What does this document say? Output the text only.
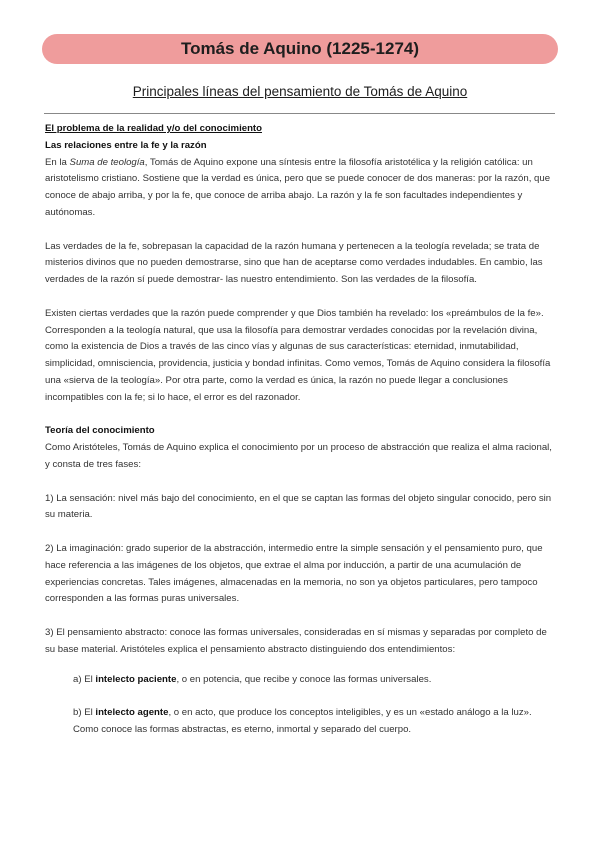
Tomás de Aquino (1225-1274)

Principales líneas del pensamiento de Tomás de Aquino

El problema de la realidad y/o del conocimiento

Las relaciones entre la fe y la razón

En la Suma de teología, Tomás de Aquino expone una síntesis entre la filosofía aristotélica y la religión católica: un aristotelismo cristiano. Sostiene que la verdad es única, pero que se puede conocer de dos maneras: por la razón, que conoce de abajo arriba, y por la fe, que conoce de arriba abajo. La razón y la fe son facultades independientes y autónomas.

Las verdades de la fe, sobrepasan la capacidad de la razón humana y pertenecen a la teología revelada; se trata de misterios divinos que no pueden demostrarse, sino que han de aceptarse como verdades indudables. En cambio, las verdades de la razón sí puede demostrar- las nuestro entendimiento. Son las verdades de la filosofía.

Existen ciertas verdades que la razón puede comprender y que Dios también ha revelado: los «preámbulos de la fe». Corresponden a la teología natural, que usa la filosofía para demostrar verdades conocidas por la revelación divina, como la existencia de Dios a través de las cinco vías y algunas de sus características: eternidad, inmutabilidad, simplicidad, omnisciencia, providencia, justicia y bondad infinitas. Como vemos, Tomás de Aquino considera la filosofía una «sierva de la teología». Por otra parte, como la verdad es única, la razón no puede llegar a conclusiones incompatibles con la fe; si lo hace, el error es del razonador.

Teoría del conocimiento

Como Aristóteles, Tomás de Aquino explica el conocimiento por un proceso de abstracción que realiza el alma racional, y consta de tres fases:

1) La sensación: nivel más bajo del conocimiento, en el que se captan las formas del objeto singular conocido, pero sin su materia.

2) La imaginación: grado superior de la abstracción, intermedio entre la simple sensación y el pensamiento puro, que hace referencia a las imágenes de los objetos, que extrae el alma por inducción, a partir de una acumulación de experiencias concretas. Tales imágenes, almacenadas en la memoria, no son ya objetos particulares, pero tampoco corresponden a las formas puras universales.

3) El pensamiento abstracto: conoce las formas universales, consideradas en sí mismas y separadas por completo de su base material. Aristóteles explica el pensamiento abstracto distinguiendo dos entendimientos:

a) El intelecto paciente, o en potencia, que recibe y conoce las formas universales.

b) El intelecto agente, o en acto, que produce los conceptos inteligibles, y es un «estado análogo a la luz». Como conoce las formas abstractas, es eterno, inmortal y separado del cuerpo.
